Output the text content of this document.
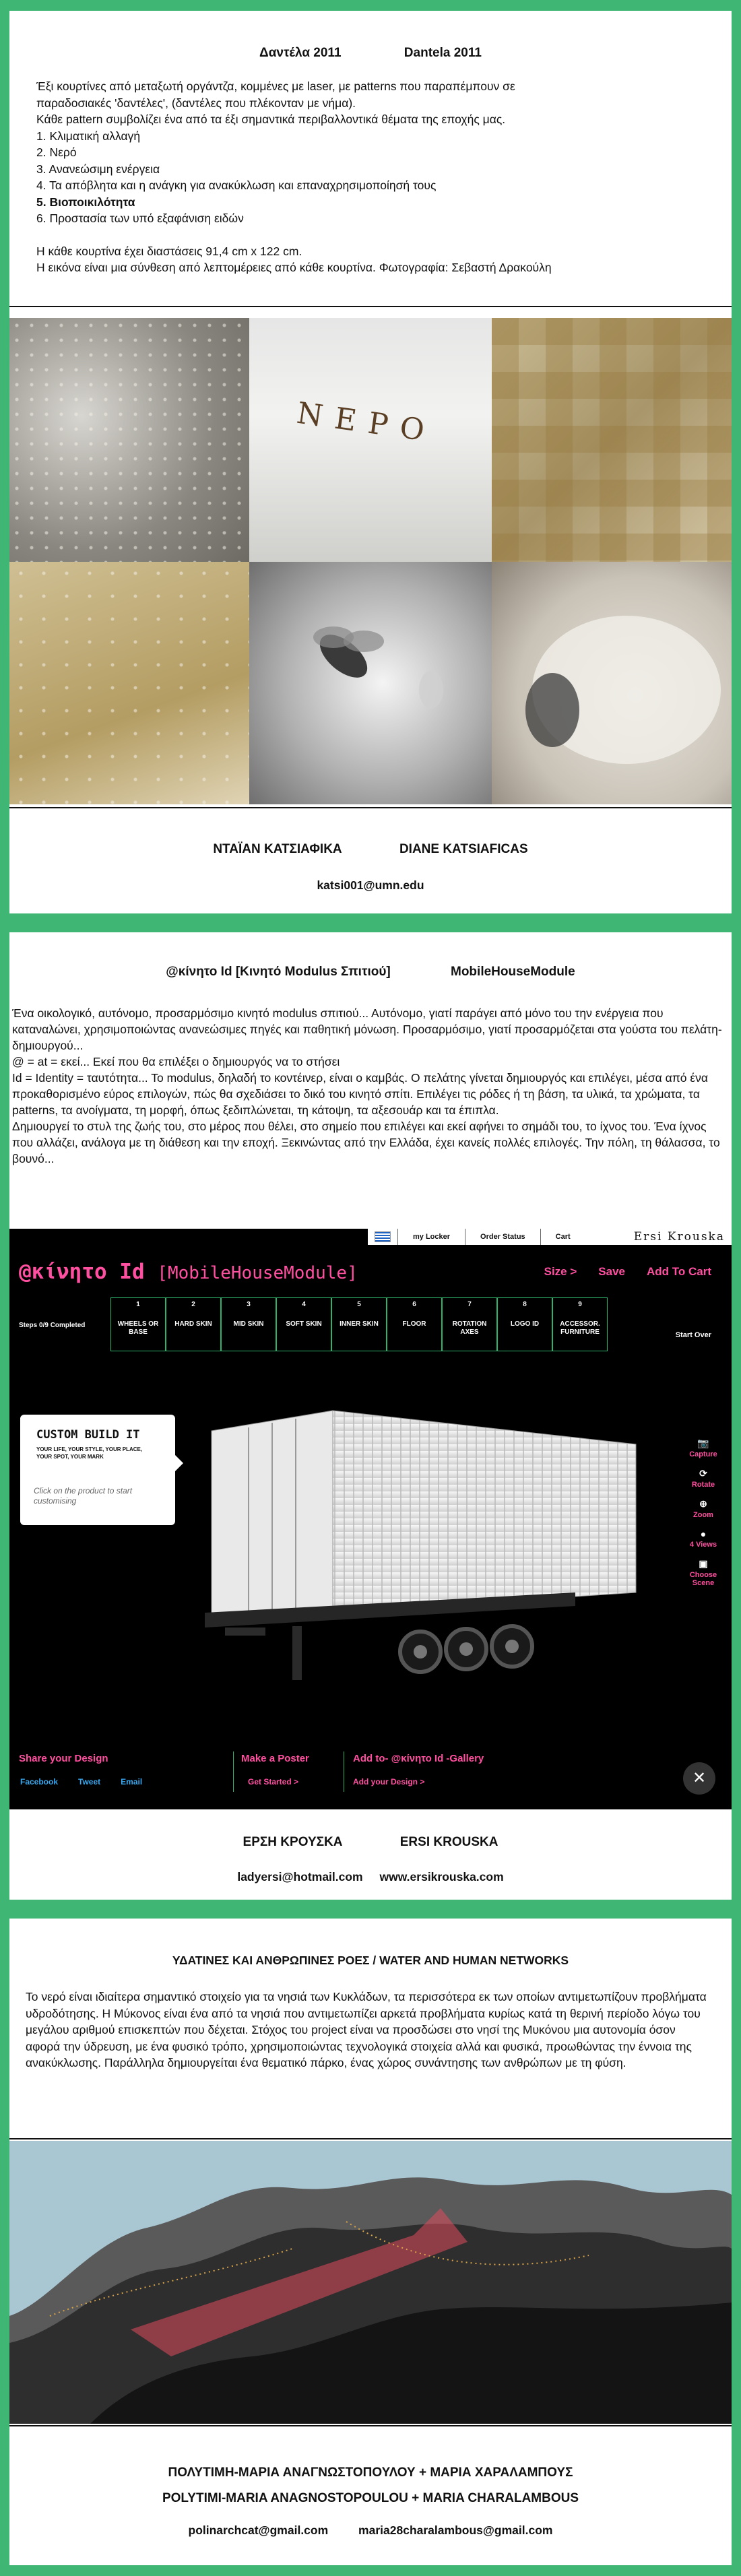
Δαντέλα 2011	Dantela 2011

Έξι κουρτίνες από μεταξωτή οργάντζα, κομμένες με laser, με patterns που παραπέμπουν σε

παραδοσιακές 'δαντέλες', (δαντέλες που πλέκονταν με νήμα).

Κάθε pattern συμβολίζει ένα από τα έξι σημαντικά περιβαλλοντικά θέματα της εποχής μας.

1. Κλιματική αλλαγή

2. Νερό

3. Ανανεώσιμη ενέργεια

4. Τα απόβλητα και η ανάγκη για ανακύκλωση και επαναχρησιμοποίησή τους

5. Βιοποικιλότητα

6. Προστασία των υπό εξαφάνιση ειδών

Η κάθε κουρτίνα έχει διαστάσεις 91,4 cm x 122 cm.

Η εικόνα είναι μια σύνθεση από λεπτομέρειες από κάθε κουρτίνα. Φωτογραφία: Σεβαστή Δρακούλη

ΝΕΡΟ
ΝΤΑΪΑΝ ΚΑΤΣΙΑΦΙΚΑ	DIANE KATSIAFICAS
katsi001@umn.edu
@κίνητο Id [Κινητό Modulus Σπιτιού]	MobileHouseModule

Ένα οικολογικό, αυτόνομο, προσαρμόσιμο κινητό modulus σπιτιού... Αυτόνομο, γιατί παράγει από μόνο του την ενέργεια που καταναλώνει, χρησιμοποιώντας ανανεώσιμες πηγές και παθητική μόνωση. Προσαρμόσιμο, γιατί προσαρμόζεται στα γούστα του πελάτη-δημιουργού...

@ = at = εκεί... Εκεί που θα επιλέξει ο δημιουργός να το στήσει

Id = Identity = ταυτότητα... Το modulus, δηλαδή το κοντέινερ, είναι ο καμβάς. Ο πελάτης γίνεται δημιουργός και επιλέγει, μέσα από ένα προκαθορισμένο εύρος επιλογών, πώς θα σχεδιάσει το δικό του κινητό σπίτι. Επιλέγει τις ρόδες ή τη βάση, τα υλικά, τα χρώματα, τα patterns, τα ανοίγματα, τη μορφή, όπως ξεδιπλώνεται, τη κάτοψη, τα αξεσουάρ και τα έπιπλα.

Δημιουργεί το στυλ της ζωής του, στο μέρος που θέλει, στο σημείο που επιλέγει και εκεί αφήνει το σημάδι του, το ίχνος του. Ένα ίχνος που αλλάζει, ανάλογα με τη διάθεση και την εποχή. Ξεκινώντας από την Ελλάδα, έχει κανείς πολλές επιλογές. Την πόλη, τη θάλασσα, το βουνό...

my Locker	Order Status	Cart	Ersi Krouska
@κίνητο Id [MobileHouseModule]	Size > Save Add To Cart
Steps 0/9 Completed
1
WHEELS OR BASE
2
HARD SKIN
3
MID SKIN
4
SOFT SKIN
5
INNER SKIN
6
FLOOR
7
ROTATION AXES
8
LOGO ID
9
ACCESSOR. FURNITURE	Start Over
CUSTOM BUILD IT
YOUR LIFE, YOUR STYLE, YOUR PLACE, YOUR SPOT, YOUR MARK
Click on the product to start customising
📷
Capture
⟳
Rotate
⊕
Zoom
●
4 Views
▣
Choose Scene
Share your Design
Facebook	Tweet	Email
Make a Poster
Get Started >
Add to- @κίνητο Id -Gallery
Add your Design >	✕
ΕΡΣΗ ΚΡΟΥΣΚΑ	ERSI KROUSKA
ladyersi@hotmail.com www.ersikrouska.com
ΥΔΑΤΙΝΕΣ ΚΑΙ ΑΝΘΡΩΠΙΝΕΣ ΡΟΕΣ / WATER AND HUMAN NETWORKS

Το νερό είναι ιδιαίτερα σημαντικό στοιχείο για τα νησιά των Κυκλάδων, τα περισσότερα εκ των οποίων αντιμετωπίζουν προβλήματα υδροδότησης. Η Μύκονος είναι ένα από τα νησιά που αντιμετωπίζει αρκετά προβλήματα κυρίως κατά τη θερινή περίοδο λόγω του μεγάλου αριθμού επισκεπτών που δέχεται. Στόχος του project είναι να προσδώσει στο νησί της Μυκόνου μια αυτονομία όσον αφορά την ύδρευση, με ένα φυσικό τρόπο, χρησιμοποιώντας τεχνολογικά στοιχεία αλλά και φυσικά, προωθώντας την έννοια της ανακύκλωσης. Παράλληλα δημιουργείται ένα θεματικό πάρκο, ένας χώρος συνάντησης των ανθρώπων με τη φύση.

ΠΟΛΥΤΙΜΗ-ΜΑΡΙΑ ΑΝΑΓΝΩΣΤΟΠΟΥΛΟΥ + ΜΑΡΙΑ ΧΑΡΑΛΑΜΠΟΥΣ
POLYTIMI-MARIA ANAGNOSTOPOULOU + MARIA CHARALAMBOUS
polinarchcat@gmail.com	maria28charalambous@gmail.com
